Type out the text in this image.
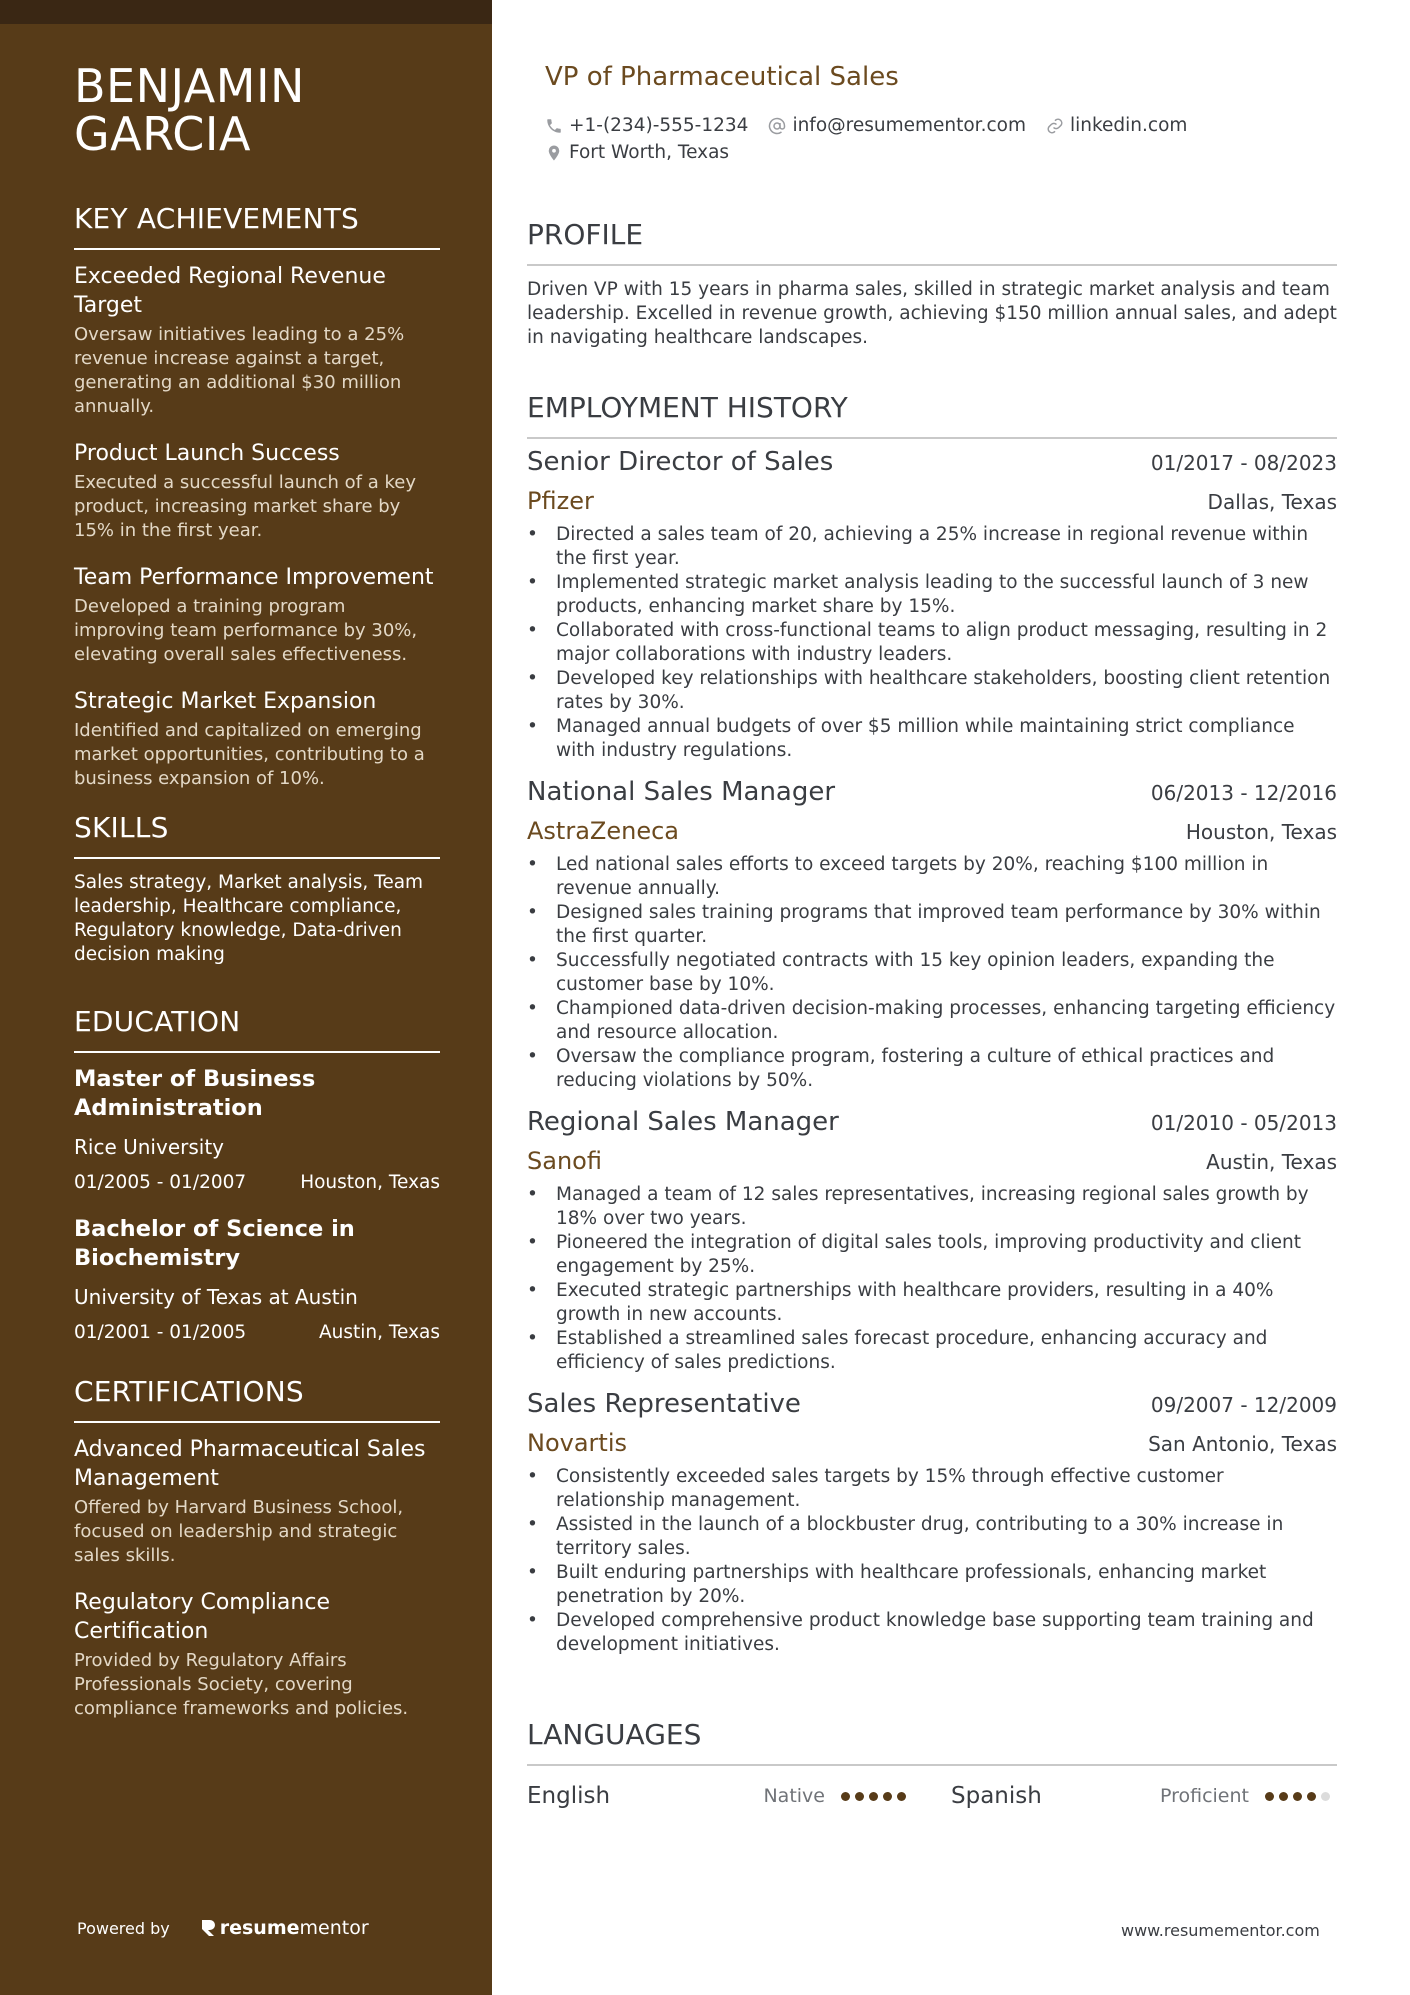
BENJAMIN
GARCIA
KEY ACHIEVEMENTS
Exceeded Regional Revenue Target
Oversaw initiatives leading to a 25% revenue increase against a target, generating an additional $30 million annually.
Product Launch Success
Executed a successful launch of a key product, increasing market share by 15% in the first year.
Team Performance Improvement
Developed a training program improving team performance by 30%, elevating overall sales effectiveness.
Strategic Market Expansion
Identified and capitalized on emerging market opportunities, contributing to a business expansion of 10%.
SKILLS

Sales strategy, Market analysis, Team leadership, Healthcare compliance, Regulatory knowledge, Data-driven decision making

EDUCATION
Master of Business Administration
Rice University
01/2005 - 01/2007	Houston, Texas
Bachelor of Science in Biochemistry
University of Texas at Austin
01/2001 - 01/2005	Austin, Texas
CERTIFICATIONS
Advanced Pharmaceutical Sales Management
Offered by Harvard Business School, focused on leadership and strategic sales skills.
Regulatory Compliance Certification
Provided by Regulatory Affairs Professionals Society, covering compliance frameworks and policies.
Powered by	resume mentor
VP of Pharmaceutical Sales
+1-(234)-555-1234 info@resumementor.com linkedin.com
Fort Worth, Texas
PROFILE

Driven VP with 15 years in pharma sales, skilled in strategic market analysis and team leadership. Excelled in revenue growth, achieving $150 million annual sales, and adept in navigating healthcare landscapes.

EMPLOYMENT HISTORY
Senior Director of Sales	01/2017 - 08/2023
Pfizer	Dallas, Texas
• Directed a sales team of 20, achieving a 25% increase in regional revenue within the first year.
• Implemented strategic market analysis leading to the successful launch of 3 new products, enhancing market share by 15%.
• Collaborated with cross-functional teams to align product messaging, resulting in 2 major collaborations with industry leaders.
• Developed key relationships with healthcare stakeholders, boosting client retention rates by 30%.
• Managed annual budgets of over $5 million while maintaining strict compliance with industry regulations.
National Sales Manager	06/2013 - 12/2016
AstraZeneca	Houston, Texas
• Led national sales efforts to exceed targets by 20%, reaching $100 million in revenue annually.
• Designed sales training programs that improved team performance by 30% within the first quarter.
• Successfully negotiated contracts with 15 key opinion leaders, expanding the customer base by 10%.
• Championed data-driven decision-making processes, enhancing targeting efficiency and resource allocation.
• Oversaw the compliance program, fostering a culture of ethical practices and reducing violations by 50%.
Regional Sales Manager	01/2010 - 05/2013
Sanofi	Austin, Texas
• Managed a team of 12 sales representatives, increasing regional sales growth by 18% over two years.
• Pioneered the integration of digital sales tools, improving productivity and client engagement by 25%.
• Executed strategic partnerships with healthcare providers, resulting in a 40% growth in new accounts.
• Established a streamlined sales forecast procedure, enhancing accuracy and efficiency of sales predictions.
Sales Representative	09/2007 - 12/2009
Novartis	San Antonio, Texas
• Consistently exceeded sales targets by 15% through effective customer relationship management.
• Assisted in the launch of a blockbuster drug, contributing to a 30% increase in territory sales.
• Built enduring partnerships with healthcare professionals, enhancing market penetration by 20%.
• Developed comprehensive product knowledge base supporting team training and development initiatives.
LANGUAGES
English	Native	Spanish	Proficient
www.resumementor.com
